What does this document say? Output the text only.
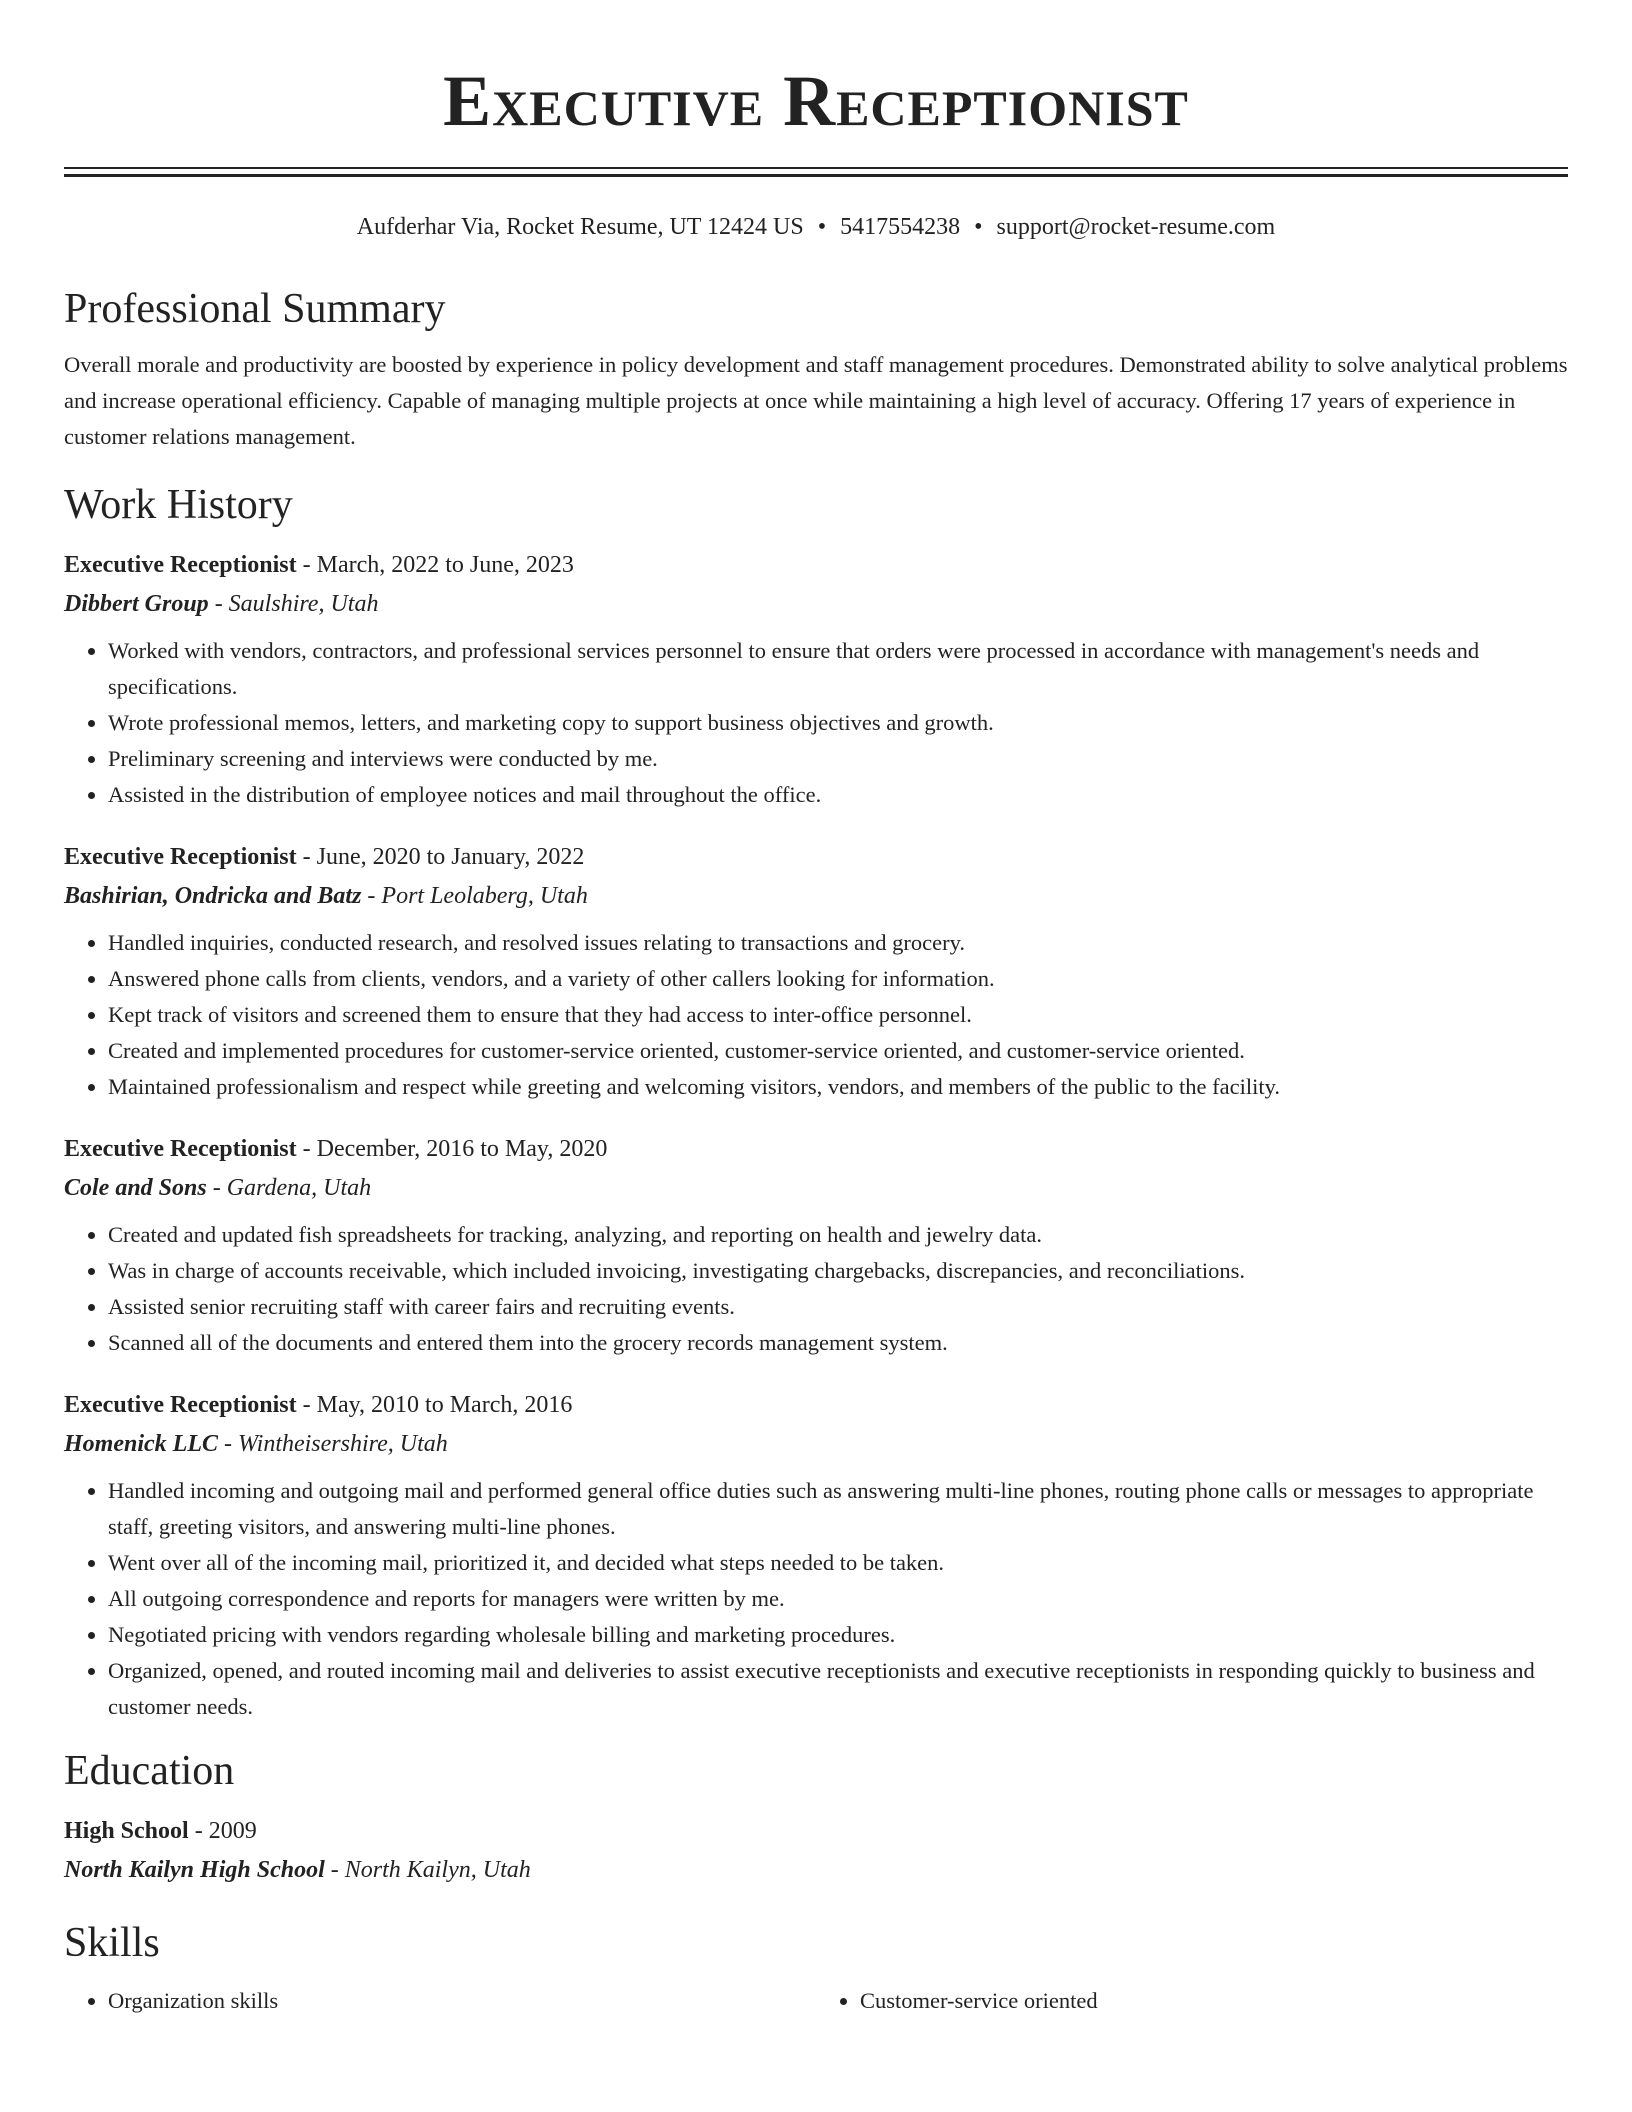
Executive Receptionist
Aufderhar Via, Rocket Resume, UT 12424 US • 5417554238 • support@rocket-resume.com
Professional Summary

Overall morale and productivity are boosted by experience in policy development and staff management procedures. Demonstrated ability to solve analytical problems and increase operational efficiency. Capable of managing multiple projects at once while maintaining a high level of accuracy. Offering 17 years of experience in customer relations management.

Work History
Executive Receptionist - March, 2022 to June, 2023
Dibbert Group - Saulshire, Utah
• Worked with vendors, contractors, and professional services personnel to ensure that orders were processed in accordance with management's needs and specifications.
• Wrote professional memos, letters, and marketing copy to support business objectives and growth.
• Preliminary screening and interviews were conducted by me.
• Assisted in the distribution of employee notices and mail throughout the office.
Executive Receptionist - June, 2020 to January, 2022
Bashirian, Ondricka and Batz - Port Leolaberg, Utah
• Handled inquiries, conducted research, and resolved issues relating to transactions and grocery.
• Answered phone calls from clients, vendors, and a variety of other callers looking for information.
• Kept track of visitors and screened them to ensure that they had access to inter-office personnel.
• Created and implemented procedures for customer-service oriented, customer-service oriented, and customer-service oriented.
• Maintained professionalism and respect while greeting and welcoming visitors, vendors, and members of the public to the facility.
Executive Receptionist - December, 2016 to May, 2020
Cole and Sons - Gardena, Utah
• Created and updated fish spreadsheets for tracking, analyzing, and reporting on health and jewelry data.
• Was in charge of accounts receivable, which included invoicing, investigating chargebacks, discrepancies, and reconciliations.
• Assisted senior recruiting staff with career fairs and recruiting events.
• Scanned all of the documents and entered them into the grocery records management system.
Executive Receptionist - May, 2010 to March, 2016
Homenick LLC - Wintheisershire, Utah
• Handled incoming and outgoing mail and performed general office duties such as answering multi-line phones, routing phone calls or messages to appropriate staff, greeting visitors, and answering multi-line phones.
• Went over all of the incoming mail, prioritized it, and decided what steps needed to be taken.
• All outgoing correspondence and reports for managers were written by me.
• Negotiated pricing with vendors regarding wholesale billing and marketing procedures.
• Organized, opened, and routed incoming mail and deliveries to assist executive receptionists and executive receptionists in responding quickly to business and customer needs.
Education
High School - 2009
North Kailyn High School - North Kailyn, Utah
Skills
• Organization skills
•	Customer-service oriented
